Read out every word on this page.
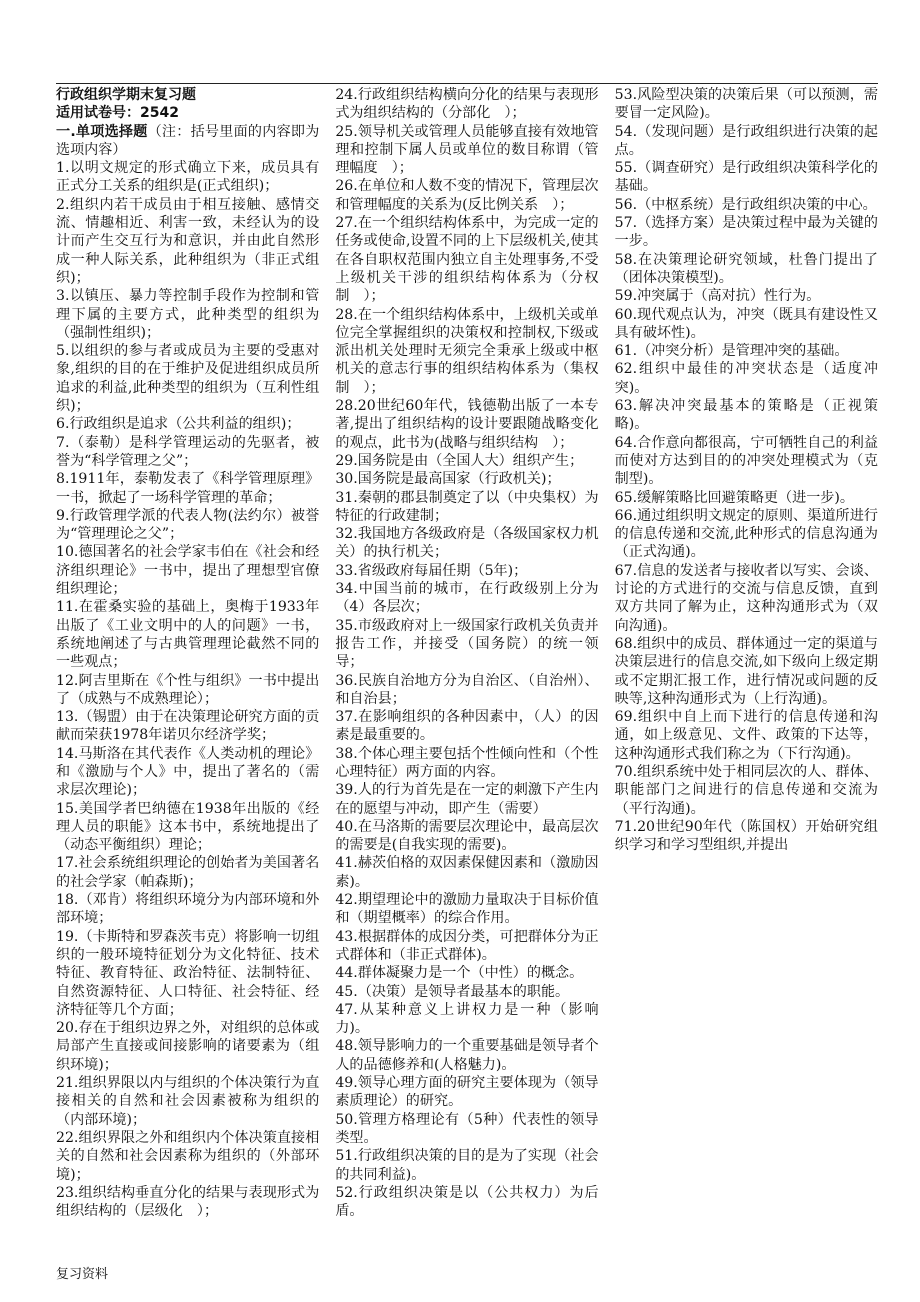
行政组织学期末复习题

适用试卷号：2542

一.单项选择题（注：括号里面的内容即为选项内容）

1.以明文规定的形式确立下来，成员具有正式分工关系的组织是(正式组织)；

2.组织内若干成员由于相互接触、感情交流、情趣相近、利害一致，未经认为的设计而产生交互行为和意识，并由此自然形成一种人际关系，此种组织为（非正式组织)；

3.以镇压、暴力等控制手段作为控制和管理下属的主要方式，此种类型的组织为（强制性组织)；

5.以组织的参与者或成员为主要的受惠对象,组织的目的在于维护及促进组织成员所追求的利益,此种类型的组织为（互利性组织)；

6.行政组织是追求（公共利益的组织)；

7.（泰勒）是科学管理运动的先驱者，被誉为“科学管理之父”；

8.1911年，泰勒发表了《科学管理原理》一书，掀起了一场科学管理的革命；

9.行政管理学派的代表人物(法约尔）被誉为“管理理论之父”；

10.德国著名的社会学家韦伯在《社会和经济组织理论》一书中，提出了理想型官僚组织理论；

11.在霍桑实验的基础上，奥梅于1933年出版了《工业文明中的人的问题》一书，系统地阐述了与古典管理理论截然不同的一些观点；

12.阿吉里斯在《个性与组织》一书中提出了（成熟与不成熟理论）；

13.（锡盟）由于在决策理论研究方面的贡献而荣获1978年诺贝尔经济学奖；

14.马斯洛在其代表作《人类动机的理论》和《激励与个人》中，提出了著名的（需求层次理论)；

15.美国学者巴纳德在1938年出版的《经理人员的职能》这本书中，系统地提出了（动态平衡组织）理论；

17.社会系统组织理论的创始者为美国著名的社会学家（帕森斯)；

18.（邓肯）将组织环境分为内部环境和外部环境；

19.（卡斯特和罗森茨韦克）将影响一切组织的一般环境特征划分为文化特征、技术特征、教育特征、政治特征、法制特征、自然资源特征、人口特征、社会特征、经济特征等几个方面；

20.存在于组织边界之外，对组织的总体或局部产生直接或间接影响的诸要素为（组织环境)；

21.组织界限以内与组织的个体决策行为直接相关的自然和社会因素被称为组织的（内部环境)；

22.组织界限之外和组织内个体决策直接相关的自然和社会因素称为组织的（外部环境)；

23.组织结构垂直分化的结果与表现形式为组织结构的（层级化　）；

24.行政组织结构横向分化的结果与表现形式为组织结构的（分部化　）；

25.领导机关或管理人员能够直接有效地管理和控制下属人员或单位的数目称谓（管理幅度　）；

26.在单位和人数不变的情况下，管理层次和管理幅度的关系为(反比例关系　）；

27.在一个组织结构体系中，为完成一定的任务或使命,设置不同的上下层级机关,使其在各自职权范围内独立自主处理事务,不受上级机关干涉的组织结构体系为（分权制　）；

28.在一个组织结构体系中，上级机关或单位完全掌握组织的决策权和控制权,下级或派出机关处理时无须完全秉承上级或中枢机关的意志行事的组织结构体系为（集权制　）；

28.20世纪60年代，钱德勒出版了一本专著,提出了组织结构的设计要跟随战略变化的观点，此书为(战略与组织结构　）；

29.国务院是由（全国人大）组织产生；

30.国务院是最高国家（行政机关)；

31.秦朝的郡县制奠定了以（中央集权）为特征的行政建制；

32.我国地方各级政府是（各级国家权力机关）的执行机关；

33.省级政府每届任期（5年)；

34.中国当前的城市，在行政级别上分为（4）各层次；

35.市级政府对上一级国家行政机关负责并报告工作，并接受（国务院）的统一领导；

36.民族自治地方分为自治区、（自治州）、和自治县；

37.在影响组织的各种因素中，（人）的因素是最重要的。

38.个体心理主要包括个性倾向性和（个性心理特征）两方面的内容。

39.人的行为首先是在一定的刺激下产生内在的愿望与冲动，即产生（需要）

40.在马洛斯的需要层次理论中，最高层次的需要是(自我实现的需要)。

41.赫茨伯格的双因素保健因素和（激励因素)。

42.期望理论中的激励力量取决于目标价值和（期望概率）的综合作用。

43.根据群体的成因分类，可把群体分为正式群体和（非正式群体)。

44.群体凝聚力是一个（中性）的概念。

45.（决策）是领导者最基本的职能。

47.从某种意义上讲权力是一种（影响力)。

48.领导影响力的一个重要基础是领导者个人的品德修养和(人格魅力)。

49.领导心理方面的研究主要体现为（领导素质理论）的研究。

50.管理方格理论有（5种）代表性的领导类型。

51.行政组织决策的目的是为了实现（社会的共同利益)。

52.行政组织决策是以（公共权力）为后盾。

53.风险型决策的决策后果（可以预测，需要冒一定风险)。

54.（发现问题）是行政组织进行决策的起点。

55.（调查研究）是行政组织决策科学化的基础。

56.（中枢系统）是行政组织决策的中心。

57.（选择方案）是决策过程中最为关键的一步。

58.在决策理论研究领域，杜鲁门提出了（团体决策模型)。

59.冲突属于（高对抗）性行为。

60.现代观点认为，冲突（既具有建设性又具有破坏性)。

61.（冲突分析）是管理冲突的基础。

62.组织中最佳的冲突状态是（适度冲突)。

63.解决冲突最基本的策略是（正视策略)。

64.合作意向都很高，宁可牺牲自己的利益而使对方达到目的的冲突处理模式为（克制型)。

65.缓解策略比回避策略更（进一步)。

66.通过组织明文规定的原则、渠道所进行的信息传递和交流,此种形式的信息沟通为（正式沟通)。

67.信息的发送者与接收者以写实、会谈、讨论的方式进行的交流与信息反馈，直到双方共同了解为止，这种沟通形式为（双向沟通)。

68.组织中的成员、群体通过一定的渠道与决策层进行的信息交流,如下级向上级定期或不定期汇报工作，进行情况或问题的反映等,这种沟通形式为（上行沟通)。

69.组织中自上而下进行的信息传递和沟通，如上级意见、文件、政策的下达等，这种沟通形式我们称之为（下行沟通)。

70.组织系统中处于相同层次的人、群体、职能部门之间进行的信息传递和交流为（平行沟通)。

71.20世纪90年代（陈国权）开始研究组织学习和学习型组织,并提出

复习资料
